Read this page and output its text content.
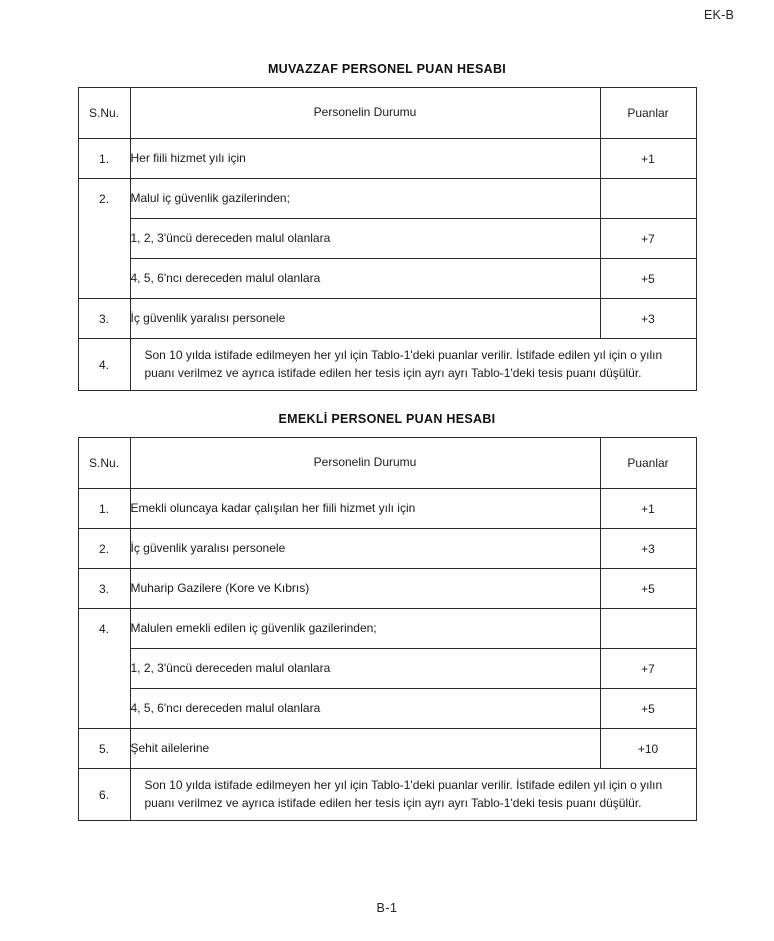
EK-B
MUVAZZAF PERSONEL PUAN HESABI
S.Nu.	Personelin Durumu	Puanlar
1.	Her fiili hizmet yılı için	+1
2.	Malul iç güvenlik gazilerinden;	
	1, 2, 3'üncü dereceden malul olanlara	+7
	4, 5, 6'ncı dereceden malul olanlara	+5
3.	İç güvenlik yaralısı personele	+3
4.	Son 10 yılda istifade edilmeyen her yıl için Tablo-1'deki puanlar verilir. İstifade edilen yıl için o yılın puanı verilmez ve ayrıca istifade edilen her tesis için ayrı ayrı Tablo-1'deki tesis puanı düşülür.	
EMEKLİ PERSONEL PUAN HESABI
S.Nu.	Personelin Durumu	Puanlar
1.	Emekli oluncaya kadar çalışılan her fiili hizmet yılı için	+1
2.	İç güvenlik yaralısı personele	+3
3.	Muharip Gazilere (Kore ve Kıbrıs)	+5
4.	Malulen emekli edilen iç güvenlik gazilerinden;	
	1, 2, 3'üncü dereceden malul olanlara	+7
	4, 5, 6'ncı dereceden malul olanlara	+5
5.	Şehit ailelerine	+10
6.	Son 10 yılda istifade edilmeyen her yıl için Tablo-1'deki puanlar verilir. İstifade edilen yıl için o yılın puanı verilmez ve ayrıca istifade edilen her tesis için ayrı ayrı Tablo-1'deki tesis puanı düşülür.	
B-1
